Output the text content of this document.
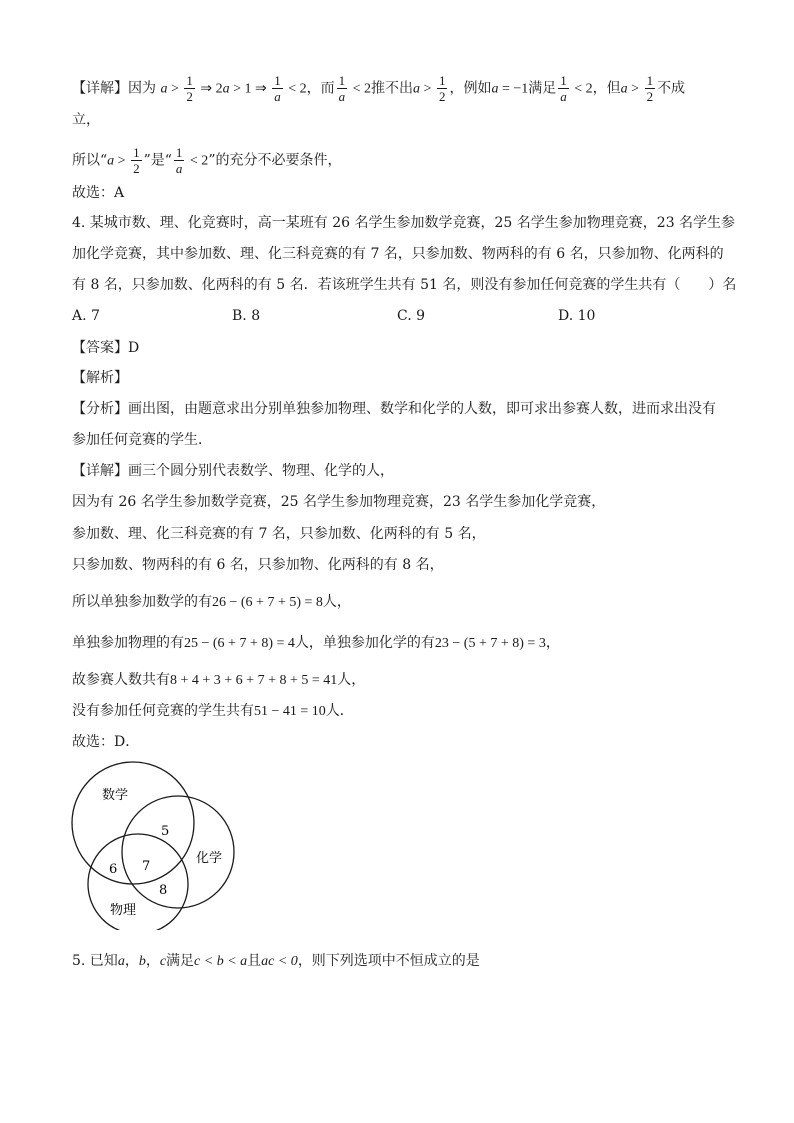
【详解】因为 $a > \frac{1}{2}$ ⇒ 2a > 1 ⇒ $\frac{1}{a} < 2$，而 $\frac{1}{a} < 2$推不出$a > \frac{1}{2}$ ，例如a = −1满足 $\frac{1}{a} < 2$，但$a > \frac{1}{2}$ 不成
立，
所以“$a > \frac{1}{2}$ ”是“ $\frac{1}{a} < 2$”的充分不必要条件，
故选：A
4. 某城市数、理、化竞赛时，高一某班有 26 名学生参加数学竞赛，25 名学生参加物理竞赛，23 名学生参
加化学竞赛，其中参加数、理、化三科竞赛的有 7 名，只参加数、物两科的有 6 名，只参加物、化两科的
有 8 名，只参加数、化两科的有 5 名．若该班学生共有 51 名，则没有参加任何竞赛的学生共有（　　）名
A. 7	B. 8	C. 9	D. 10
【答案】D
【解析】
【分析】画出图，由题意求出分别单独参加物理、数学和化学的人数，即可求出参赛人数，进而求出没有
参加任何竞赛的学生．
【详解】画三个圆分别代表数学、物理、化学的人，
因为有 26 名学生参加数学竞赛，25 名学生参加物理竞赛，23 名学生参加化学竞赛，
参加数、理、化三科竞赛的有 7 名，只参加数、化两科的有 5 名，
只参加数、物两科的有 6 名，只参加物、化两科的有 8 名，
所以单独参加数学的有26 − (6 + 7 + 5) = 8人，
单独参加物理的有25 − (6 + 7 + 8) = 4人，单独参加化学的有23 − (5 + 7 + 8) = 3，
故参赛人数共有8 + 4 + 3 + 6 + 7 + 8 + 5 = 41人，
没有参加任何竞赛的学生共有51 − 41 = 10人．
故选：D．
数学
化学
物理
5
6 7
8
5. 已知a，b，c满足c < b < a且ac < 0，则下列选项中不恒成立的是
